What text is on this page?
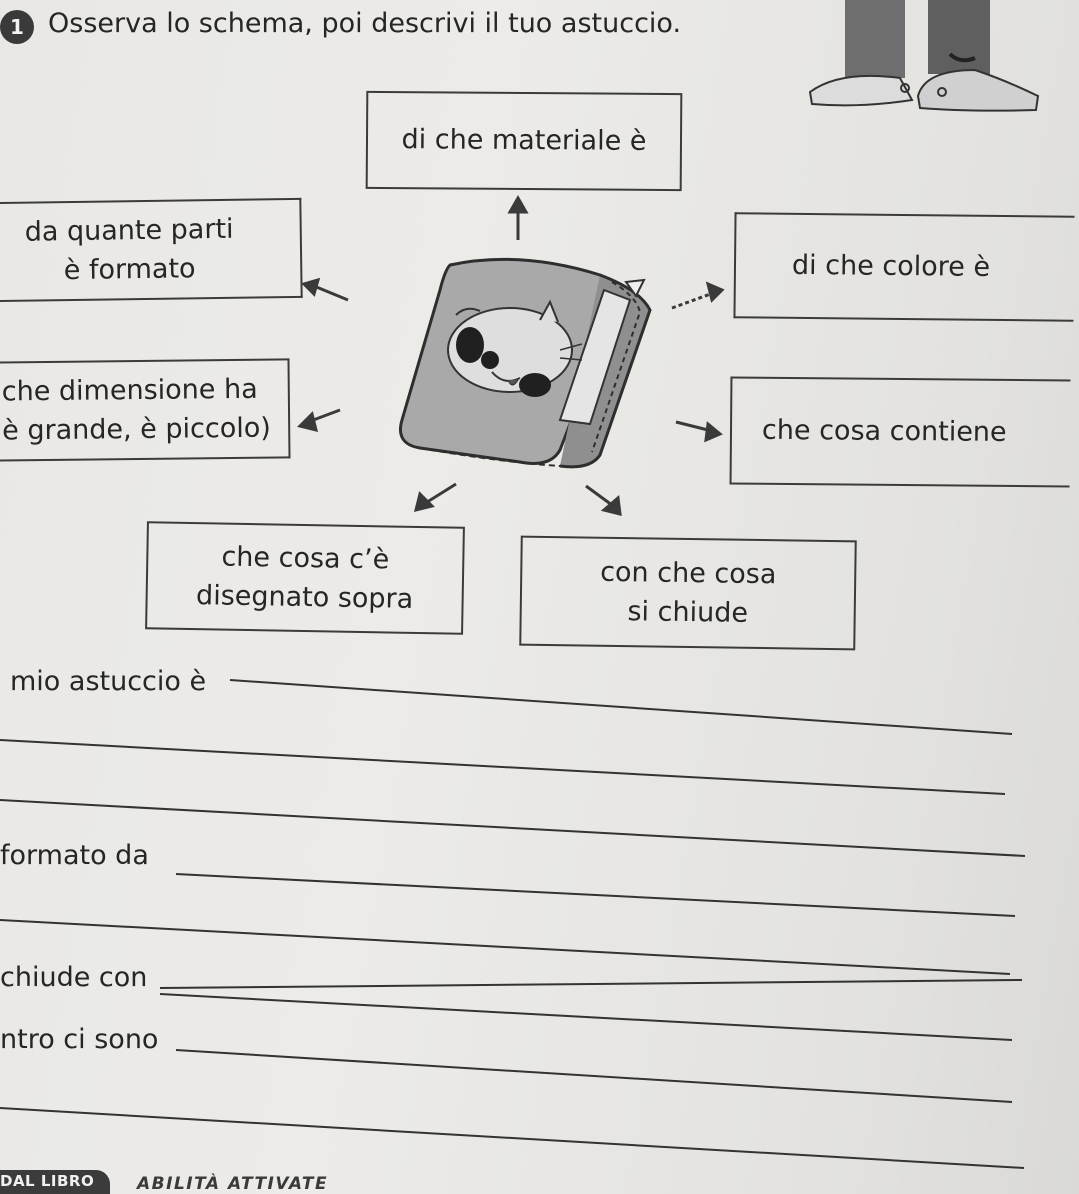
1 Osserva lo schema, poi descrivi il tuo astuccio.
di che materiale è
da quante parti
è formato	di che colore è
che dimensione ha
è grande, è piccolo)	che cosa contiene
che cosa c’è
disegnato sopra
con che cosa
si chiude
mio astuccio è
formato da
chiude con
ntro ci sono
DAL LIBRO	ABILITÀ ATTIVATE
